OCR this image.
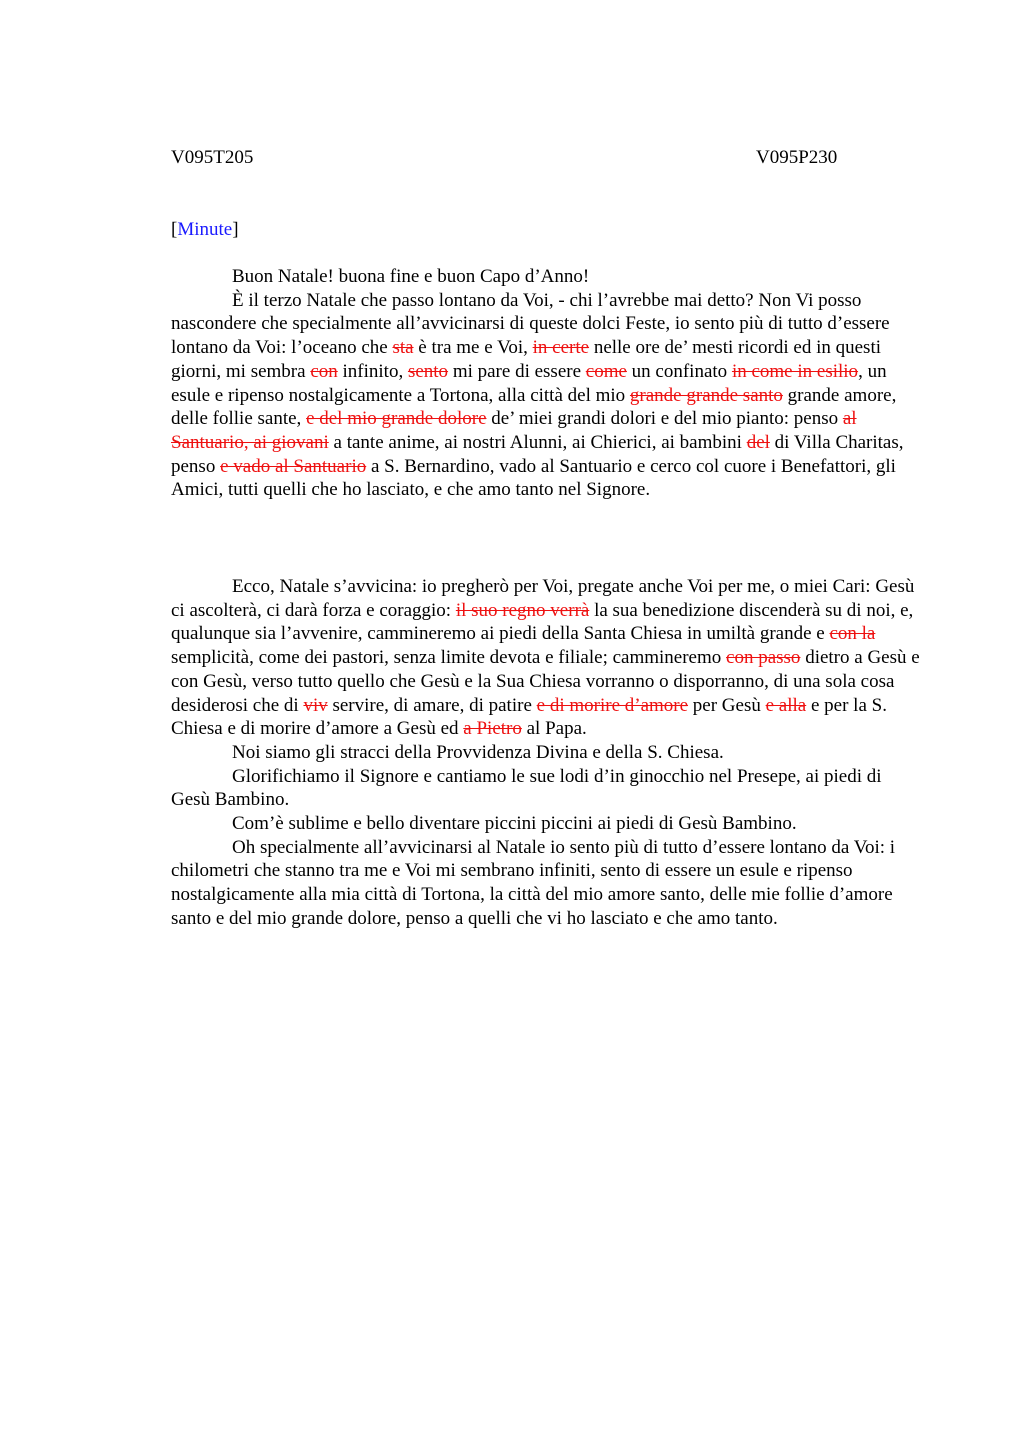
V095T205	V095P230
[Minute]

Buon Natale! buona fine e buon Capo d’Anno!

È il terzo Natale che passo lontano da Voi, - chi l’avrebbe mai detto? Non Vi posso nascondere che specialmente all’avvicinarsi di queste dolci Feste, io sento più di tutto d’essere lontano da Voi: l’oceano che sta è tra me e Voi, in certe nelle ore de’ mesti ricordi ed in questi giorni, mi sembra con infinito, sento mi pare di essere come un confinato in come in esilio, un esule e ripenso nostalgicamente a Tortona, alla città del mio grande grande santo grande amore, delle follie sante, e del mio grande dolore de’ miei grandi dolori e del mio pianto: penso al Santuario, ai giovani a tante anime, ai nostri Alunni, ai Chierici, ai bambini del di Villa Charitas, penso e vado al Santuario a S. Bernardino, vado al Santuario e cerco col cuore i Benefattori, gli Amici, tutti quelli che ho lasciato, e che amo tanto nel Signore.

Ecco, Natale s’avvicina: io pregherò per Voi, pregate anche Voi per me, o miei Cari: Gesù ci ascolterà, ci darà forza e coraggio: il suo regno verrà la sua benedizione discenderà su di noi, e, qualunque sia l’avvenire, cammineremo ai piedi della Santa Chiesa in umiltà grande e con la semplicità, come dei pastori, senza limite devota e filiale; cammineremo con passo dietro a Gesù e con Gesù, verso tutto quello che Gesù e la Sua Chiesa vorranno o disporranno, di una sola cosa desiderosi che di viv servire, di amare, di patire e di morire d’amore per Gesù e alla e per la S. Chiesa e di morire d’amore a Gesù ed a Pietro al Papa.

Noi siamo gli stracci della Provvidenza Divina e della S. Chiesa.

Glorifichiamo il Signore e cantiamo le sue lodi d’in ginocchio nel Presepe, ai piedi di Gesù Bambino.

Com’è sublime e bello diventare piccini piccini ai piedi di Gesù Bambino.

Oh specialmente all’avvicinarsi al Natale io sento più di tutto d’essere lontano da Voi: i chilometri che stanno tra me e Voi mi sembrano infiniti, sento di essere un esule e ripenso nostalgicamente alla mia città di Tortona, la città del mio amore santo, delle mie follie d’amore santo e del mio grande dolore, penso a quelli che vi ho lasciato e che amo tanto.
